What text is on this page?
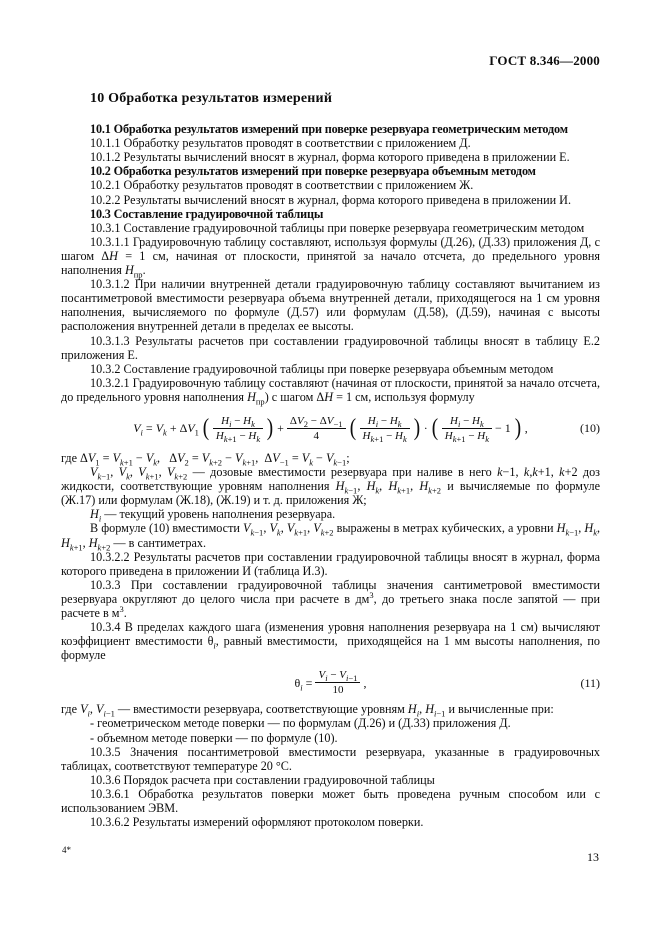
ГОСТ 8.346—2000

10 Обработка результатов измерений

10.1 Обработка результатов измерений при поверке резервуара геометрическим методом

10.1.1 Обработку результатов проводят в соответствии с приложением Д.

10.1.2 Результаты вычислений вносят в журнал, форма которого приведена в приложении Е.

10.2 Обработка результатов измерений при поверке резервуара объемным методом

10.2.1 Обработку результатов проводят в соответствии с приложением Ж.

10.2.2 Результаты вычислений вносят в журнал, форма которого приведена в приложении И.

10.3 Составление градуировочной таблицы

10.3.1 Составление градуировочной таблицы при поверке резервуара геометрическим методом

10.3.1.1 Градуировочную таблицу составляют, используя формулы (Д.26), (Д.33) приложения Д, с шагом ΔH = 1 см, начиная от плоскости, принятой за начало отсчета, до предельного уровня наполнения $H_{пр}$.

10.3.1.2 При наличии внутренней детали градуировочную таблицу составляют вычитанием из посантиметровой вместимости резервуара объема внутренней детали, приходящегося на 1 см уровня наполнения, вычисляемого по формуле (Д.57) или формулам (Д.58), (Д.59), начиная с высоты расположения внутренней детали в пределах ее высоты.

10.3.1.3 Результаты расчетов при составлении градуировочной таблицы вносят в таблицу Е.2 приложения Е.

10.3.2 Составление градуировочной таблицы при поверке резервуара объемным методом

10.3.2.1 Градуировочную таблицу составляют (начиная от плоскости, принятой за начало отсчета, до предельного уровня наполнения $H_{пр}$) с шагом ΔH = 1 см, используя формулу

$V_i = V_k + \Delta V_1$ ( $\frac{H_i - H_k}{H_{k+1} - H_k}$ ) + $\frac{\Delta V_2 - \Delta V_{-1}}{4}$ ( $\frac{H_i - H_k}{H_{k+1} - H_k}$ ) · ( $\frac{H_i - H_k}{H_{k+1} - H_k} - 1$ ) ,	(10)

где $\Delta V_1 = V_{k+1} - V_k$,   $\Delta V_2 = V_{k+2} - V_{k+1}$,  $\Delta V_{-1} = V_k - V_{k-1}$;

$V_{k-1}$, $V_k$, $V_{k+1}$, $V_{k+2}$ — дозовые вместимости резервуара при наливе в него k−1, k,k+1, k+2 доз жидкости, соответствующие уровням наполнения $H_{k-1}$, $H_k$, $H_{k+1}$, $H_{k+2}$ и вычисляемые по формуле (Ж.17) или формулам (Ж.18), (Ж.19) и т. д. приложения Ж;

$H_i$ — текущий уровень наполнения резервуара.

В формуле (10) вместимости $V_{k-1}$, $V_k$, $V_{k+1}$, $V_{k+2}$ выражены в метрах кубических, а уровни $H_{k-1}$, $H_k$, $H_{k+1}$, $H_{k+2}$ — в сантиметрах.

10.3.2.2 Результаты расчетов при составлении градуировочной таблицы вносят в журнал, форма которого приведена в приложении И (таблица И.3).

10.3.3 При составлении градуировочной таблицы значения сантиметровой вместимости резервуара округляют до целого числа при расчете в $дм^3$, до третьего знака после запятой — при расчете в $м^3$.

10.3.4 В пределах каждого шага (изменения уровня наполнения резервуара на 1 см) вычисляют коэффициент вместимости $\theta_i$, равный вместимости,  приходящейся на 1 мм высоты наполнения, по формуле

$\theta_i = \frac{V_i - V_{i-1}}{10}$ ,	(11)

где $V_i$, $V_{i-1}$ — вместимости резервуара, соответствующие уровням $H_i$, $H_{i-1}$ и вычисленные при:

- геометрическом методе поверки — по формулам (Д.26) и (Д.33) приложения Д.

- объемном методе поверки — по формуле (10).

10.3.5 Значения посантиметровой вместимости резервуара, указанные в градуировочных таблицах, соответствуют температуре 20 °С.

10.3.6 Порядок расчета при составлении градуировочной таблицы

10.3.6.1 Обработка результатов поверки может быть проведена ручным способом или с использованием ЭВМ.

10.3.6.2 Результаты измерений оформляют протоколом поверки.

4*	13
